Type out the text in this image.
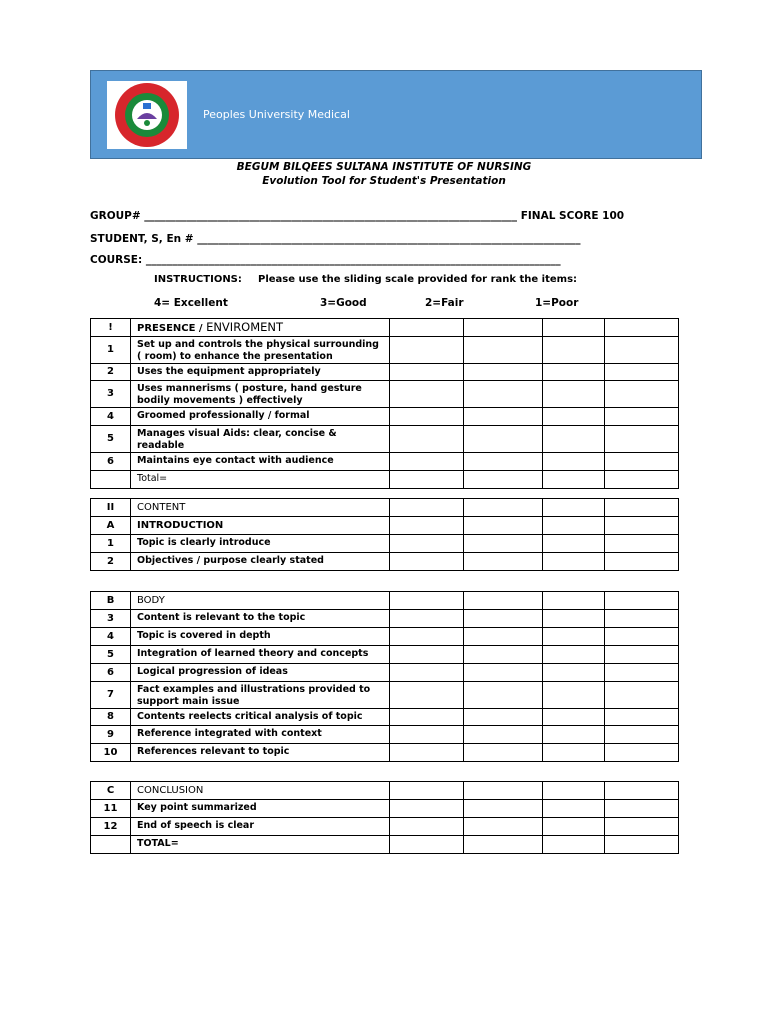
Peoples University Medical
BEGUM BILQEES SULTANA INSTITUTE OF NURSING
Evolution Tool for Student's Presentation
GROUP# _______________________________________________________________________ FINAL SCORE 100
STUDENT, S, En # _________________________________________________________________________
COURSE: _______________________________________________________________________________
INSTRUCTIONS: Please use the sliding scale provided for rank the items:
4= Excellent	3=Good	2=Fair	1=Poor
!	PRESENCE / ENVIROMENT				
1	Set up and controls the physical surrounding ( room) to enhance the presentation				
2	Uses the equipment appropriately				
3	Uses mannerisms ( posture, hand gesture bodily movements ) effectively				
4	Groomed professionally / formal				
5	Manages visual Aids: clear, concise & readable				
6	Maintains eye contact with audience				
	Total=				
II	CONTENT				
A	INTRODUCTION				
1	Topic is clearly introduce				
2	Objectives / purpose clearly stated				
B	BODY				
3	Content is relevant to the topic				
4	Topic is covered in depth				
5	Integration of learned theory and concepts				
6	Logical progression of ideas				
7	Fact examples and illustrations provided to support main issue				
8	Contents reelects critical analysis of topic				
9	Reference integrated with context				
10	References relevant to topic				
C	CONCLUSION				
11	Key point summarized				
12	End of speech is clear				
	TOTAL=				
